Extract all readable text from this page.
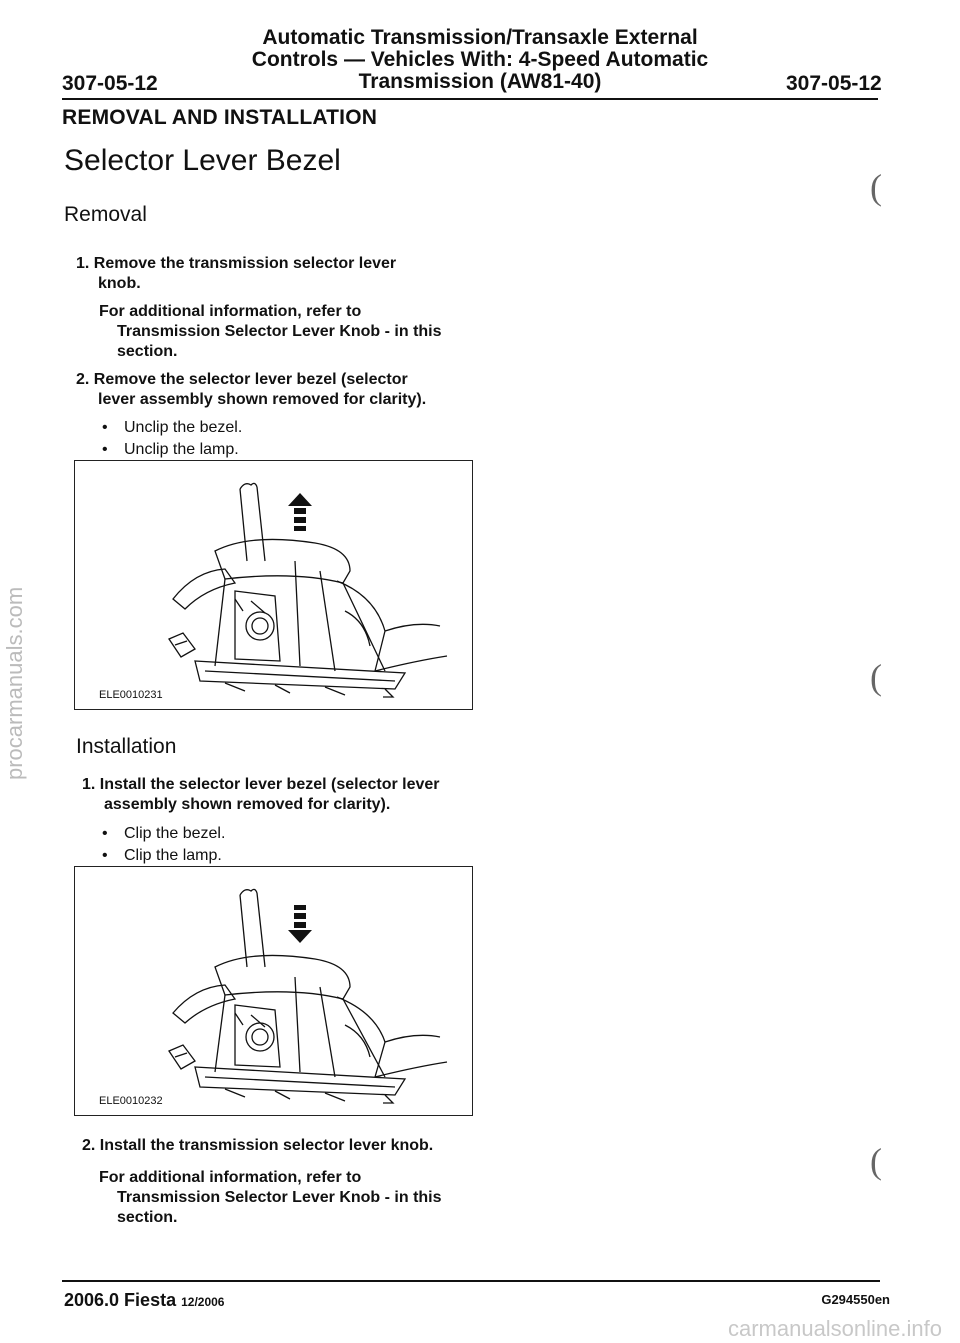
Automatic Transmission/Transaxle External
Controls — Vehicles With: 4-Speed Automatic
Transmission (AW81-40)
307-05-12	307-05-12
REMOVAL AND INSTALLATION
Selector Lever Bezel
Removal
1. Remove the transmission selector lever
knob.
For additional information, refer to
Transmission Selector Lever Knob - in this
section.
2. Remove the selector lever bezel (selector
lever assembly shown removed for clarity).
• Unclip the bezel.
• Unclip the lamp.
ELE0010231
Installation
1. Install the selector lever bezel (selector lever
assembly shown removed for clarity).
• Clip the bezel.
• Clip the lamp.
ELE0010232
2. Install the transmission selector lever knob.
For additional information, refer to
Transmission Selector Lever Knob - in this
section.
(
(
(
2006.0 Fiesta 12/2006	G294550en
procarmanuals.com
carmanualsonline.info
